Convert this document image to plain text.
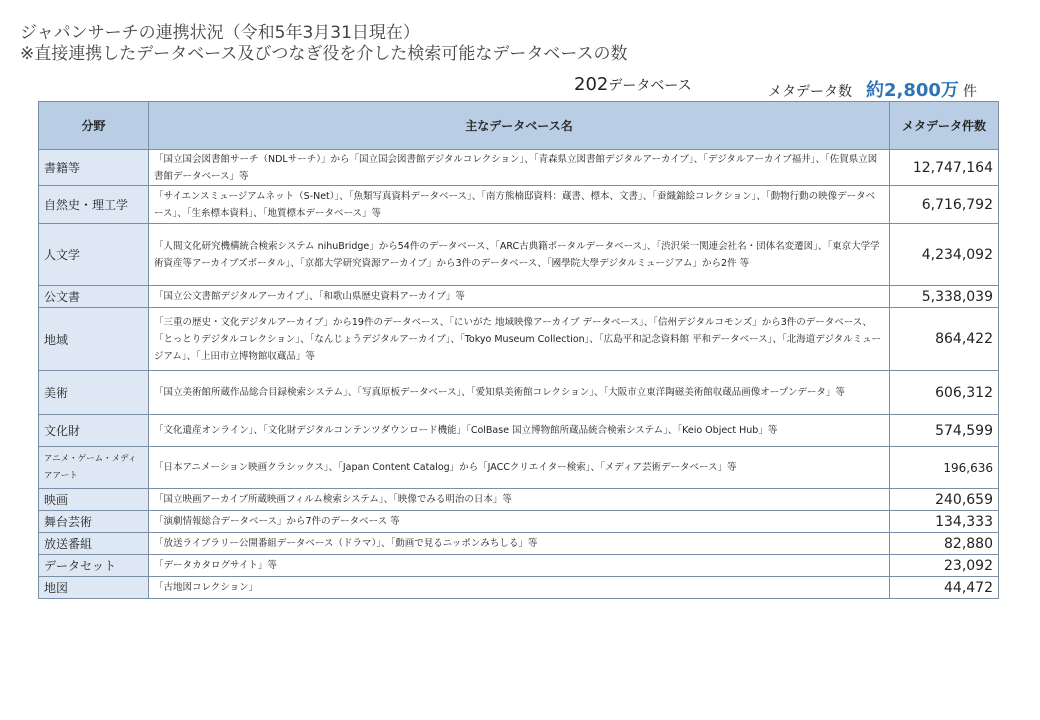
ジャパンサーチの連携状況（令和5年3月31日現在）
※直接連携したデータベース及びつなぎ役を介した検索可能なデータベースの数
202データベース	メタデータ数 約2,800万 件
分野	主なデータベース名	メタデータ件数
書籍等	「国立国会図書館サーチ（NDLサーチ）」から「国立国会図書館デジタルコレクション」、「青森県立図書館デジタルアーカイブ」、「デジタルアーカイブ福井」、「佐賀県立図書館データベース」等	12,747,164
自然史・理工学	「サイエンスミュージアムネット（S-Net）」、「魚類写真資料データベース」、「南方熊楠邸資料：蔵書、標本、文書」、「蚕織錦絵コレクション」、「動物行動の映像データベース」、「生糸標本資料」、「地質標本データベース」等	6,716,792
人文学	「人間文化研究機構統合検索システム nihuBridge」から54件のデータベース、「ARC古典籍ポータルデータベース」、「渋沢栄一関連会社名・団体名変遷図」、「東京大学学術資産等アーカイブズポータル」、「京都大学研究資源アーカイブ」から3件のデータベース、「國學院大學デジタルミュージアム」から2件 等	4,234,092
公文書	「国立公文書館デジタルアーカイブ」、「和歌山県歴史資料アーカイブ」等	5,338,039
地域	「三重の歴史・文化デジタルアーカイブ」から19件のデータベース、「にいがた 地域映像アーカイブ データベース」、「信州デジタルコモンズ」から3件のデータベース、「とっとりデジタルコレクション」、「なんじょうデジタルアーカイブ」、「Tokyo Museum Collection」、「広島平和記念資料館 平和データベース」、「北海道デジタルミュージアム」、「上田市立博物館収蔵品」等	864,422
美術	「国立美術館所蔵作品総合目録検索システム」、「写真原板データベース」、「愛知県美術館コレクション」、「大阪市立東洋陶磁美術館収蔵品画像オープンデータ」等	606,312
文化財	「文化遺産オンライン」、「文化財デジタルコンテンツダウンロード機能」「ColBase 国立博物館所蔵品統合検索システム」、「Keio Object Hub」等	574,599
アニメ・ゲーム・メディアアート	「日本アニメーション映画クラシックス」、「Japan Content Catalog」から「JACCクリエイター検索」、「メディア芸術データベース」等	196,636
映画	「国立映画アーカイブ所蔵映画フィルム検索システム」、「映像でみる明治の日本」等	240,659
舞台芸術	「演劇情報総合データベース」から7件のデータベース 等	134,333
放送番組	「放送ライブラリー公開番組データベース（ドラマ）」、「動画で見るニッポンみちしる」等	82,880
データセット	「データカタログサイト」等	23,092
地図	「古地図コレクション」	44,472
